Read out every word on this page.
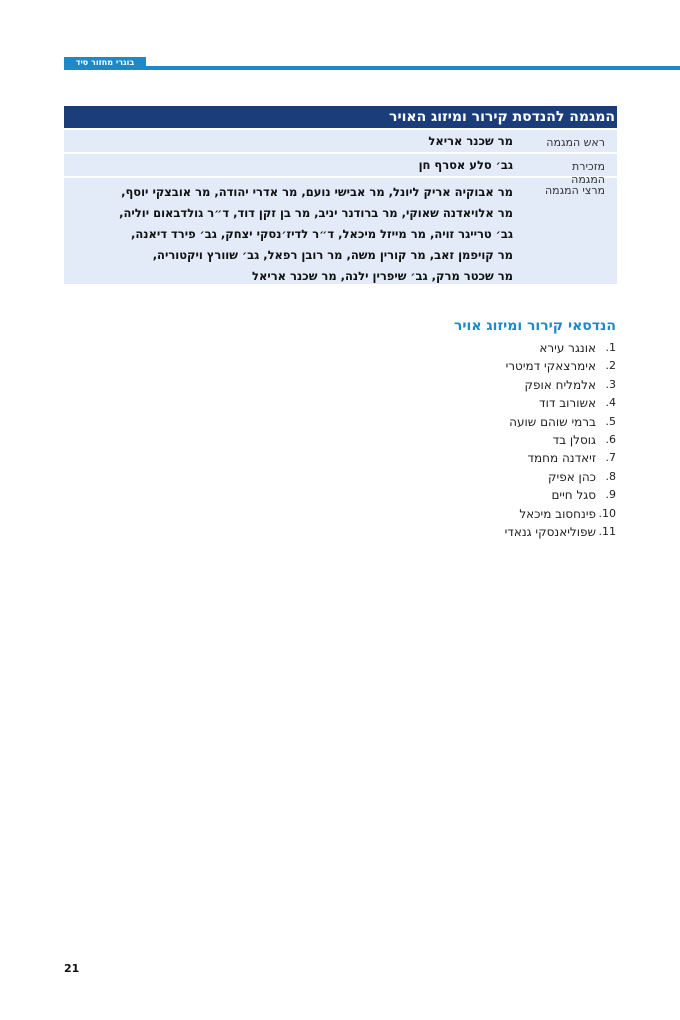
בוגרי מחזור סיד
המגמה להנדסת קירור ומיזוג האויר
ראש המגמה
מר שכנר אריאל
מזכירת המגמה
גב׳ סלע אסרף חן
מרצי המגמה
מר אבוקיה אריק ליונל, מר אבישי נועם, מר אדרי יהודה, מר אובצקי יוסף,
מר אלויאדנה שאוקי, מר ברודנר יניב, מר בן זקן דוד, ד״ר גולדבאום יוליה,
גב׳ טרייגר זויה, מר מייזל מיכאל, ד״ר לדיז׳נסקי יצחק, גב׳ פירד דיאנה,
מר קויפמן זאב, מר קורין משה, מר רובן רפאל, גב׳ שוורץ ויקטוריה,
מר שכטר מרק, גב׳ שיפרין ילנה, מר שכנר אריאל
הנדסאי קירור ומיזוג אויר
1.
אונגר עירא
2.
אימרצאקי דמיטרי
3.
אלמליח אופק
4.
אשורוב דוד
5.
ברמי שוהם שועה
6.
גוסלן בד
7.
זיאדנה מחמד
8.
כהן אפיק
9.
סגל חיים
10.
פינחסוב מיכאל
11.
שפוליאנסקי גנאדי
21
